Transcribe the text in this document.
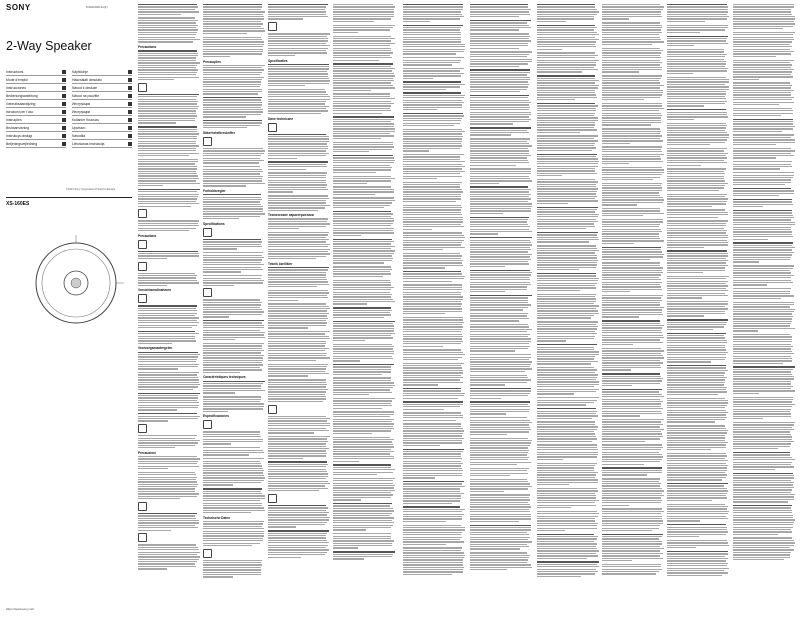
SONY	5-000-000-11(1)
2-Way Speaker
Instructions	Käyttöohje
Mode d'emploi	Használati útmutató
Instrucciones	Návod k obsluze
Bedienungsanleitung	Návod na použitie
Gebruiksaanwijzing	Инструкция
Istruzioni per l'uso	Инструкции
Instruções	Kullanım Kılavuzu
Bruksanvisning	Uputstvo
Instrukcja obsługi	Navodila
Betjeningsvejledning	Lietošanas instrukcija
©2023 Sony Corporation Printed in Europe
XS-160ES
https://www.sony.net/
Precautions
Precautions
Vorsichtsmaßnahmen
Voorzorgsmaatregelen
Precauzioni
Precauções
Säkerhetsföreskrifter
Forholdsregler
Specifications
Caractéristiques techniques
Especificaciones
Technische Daten
Specificaties
Dane techniczne
Технические характеристики
Teknik özellikler
